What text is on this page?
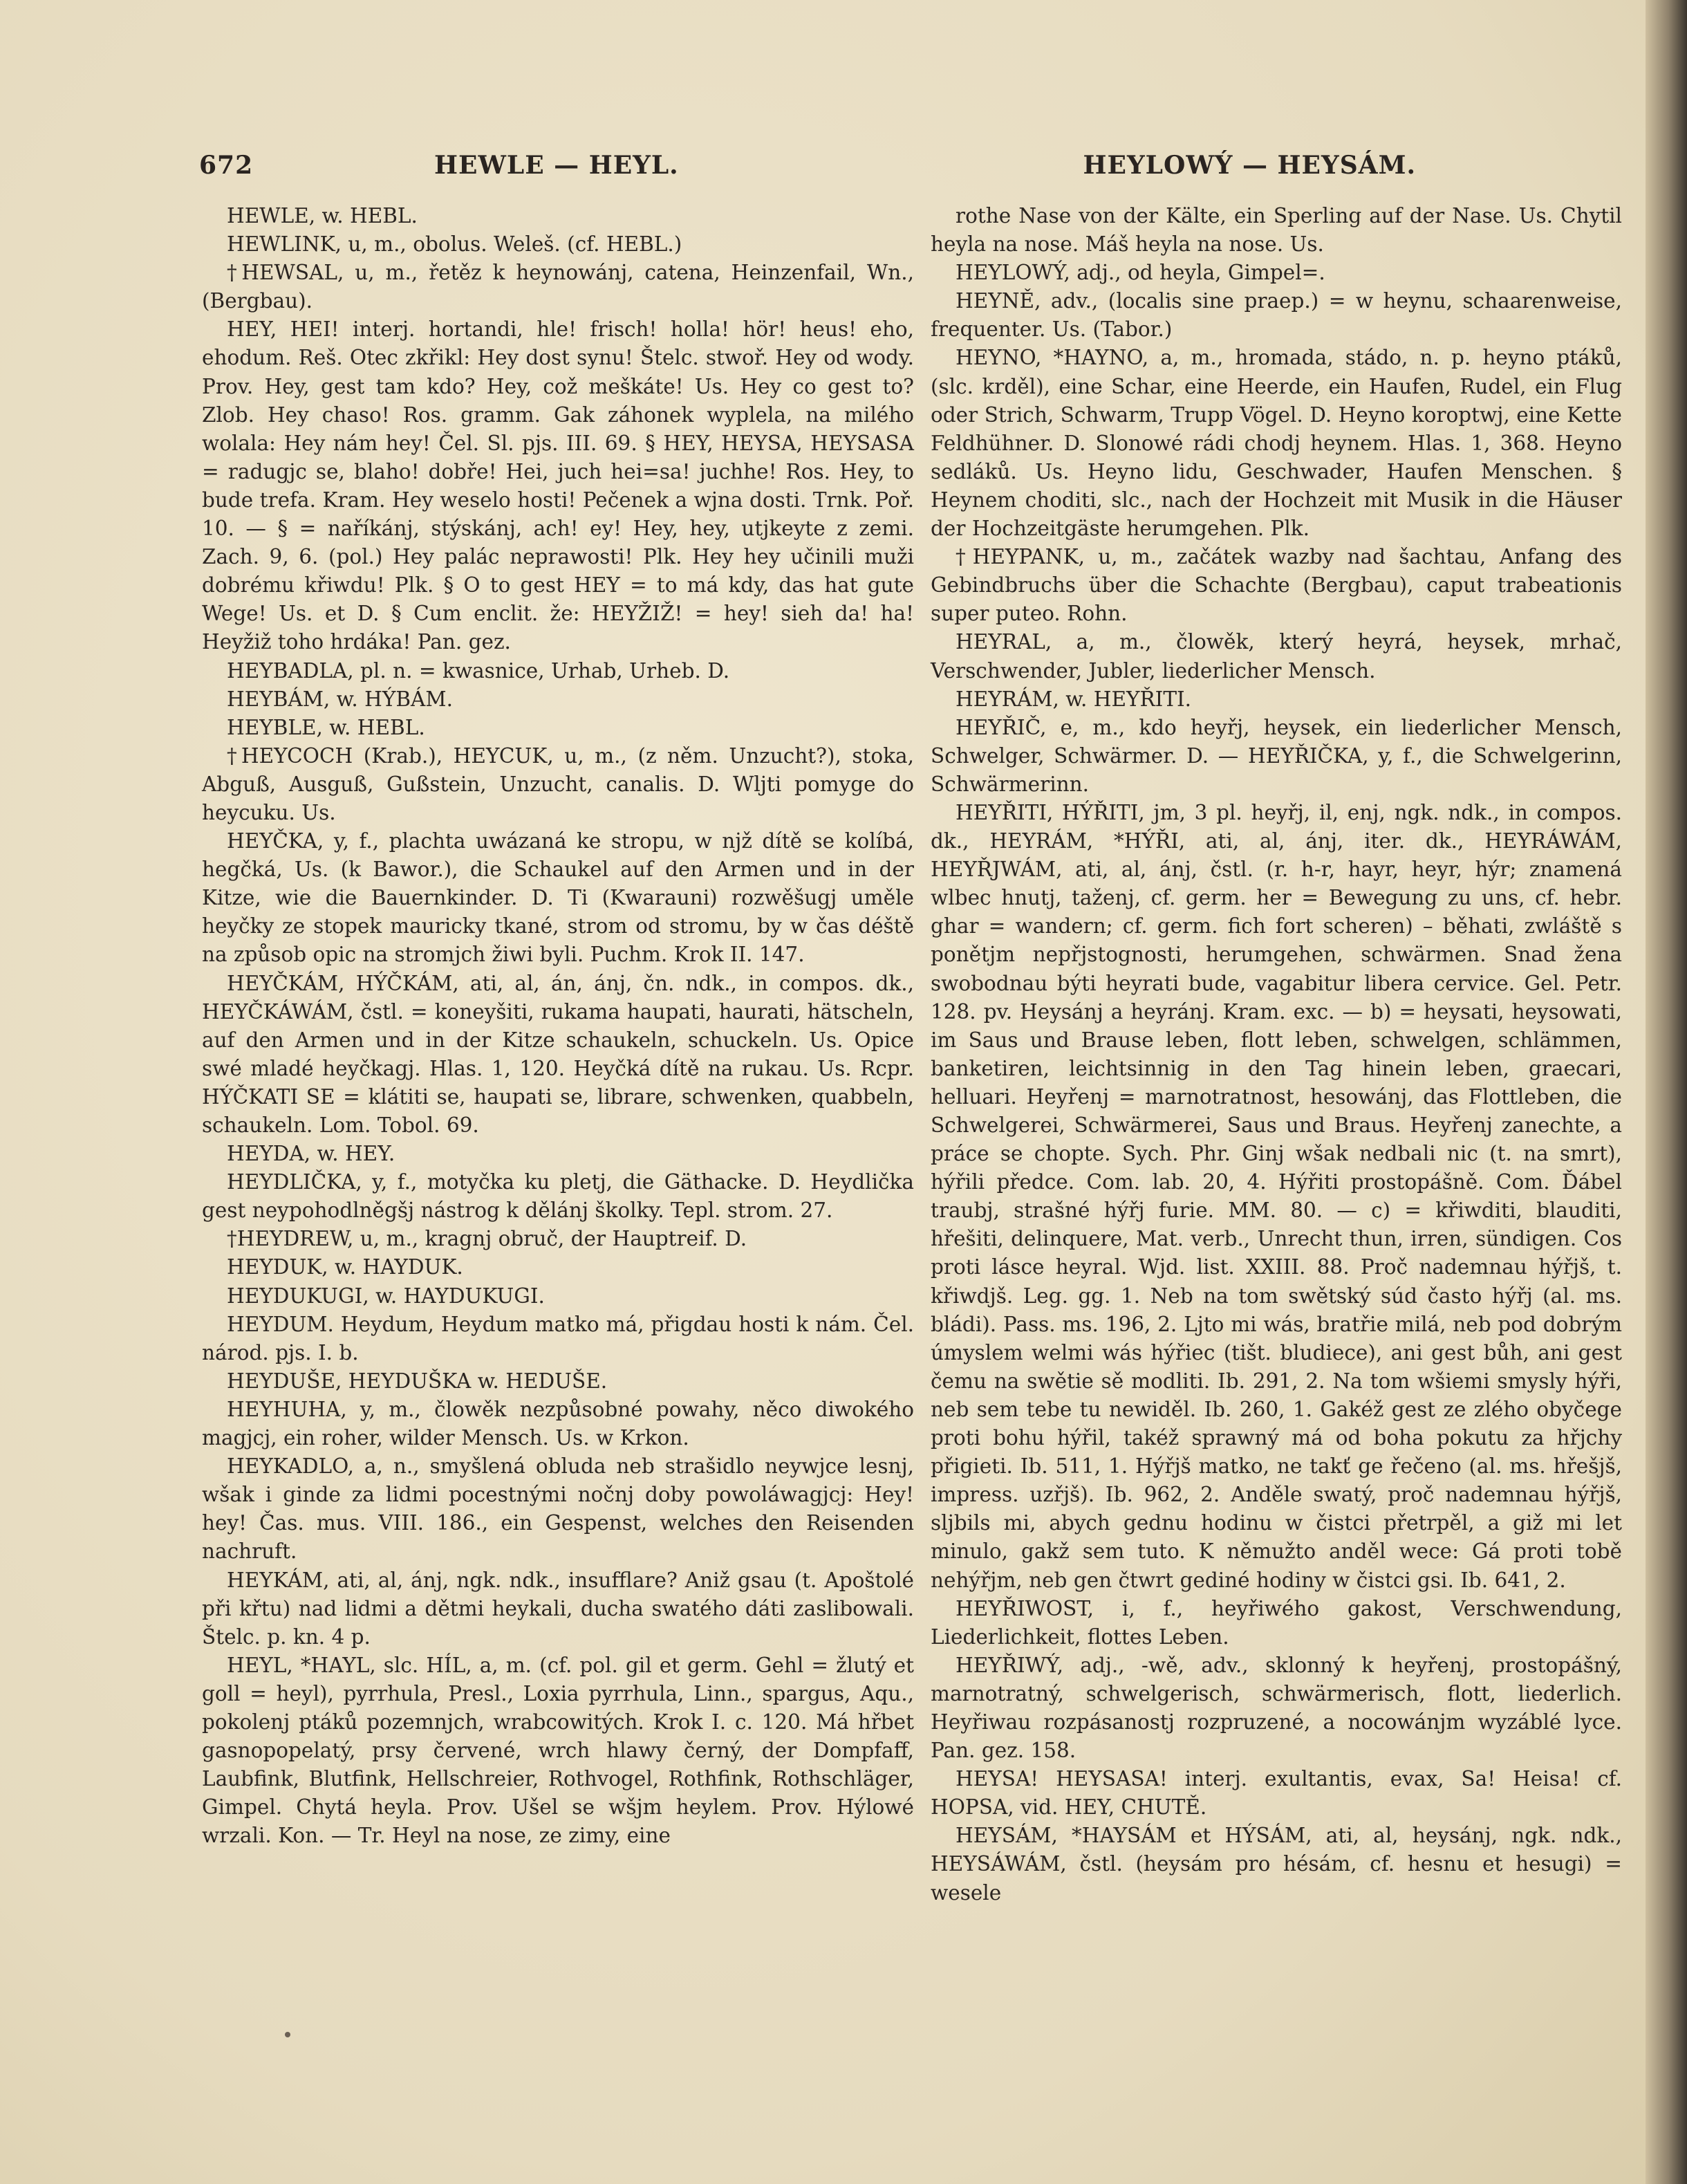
672	HEWLE — HEYL.	HEYLOWÝ — HEYSÁM.

HEWLE, w. HEBL.

HEWLINK, u, m., obolus. Weleš. (cf. HEBL.)

†HEWSAL, u, m., řetěz k heynowánj, catena, Heinzenfail, Wn., (Bergbau).

HEY, HEI! interj. hortandi, hle! frisch! holla! hör! heus! eho, ehodum. Reš. Otec zkřikl: Hey dost synu! Štelc. stwoř. Hey od wody. Prov. Hey, gest tam kdo? Hey, což meškáte! Us. Hey co gest to? Zlob. Hey chaso! Ros. gramm. Gak záhonek wyplela, na milého wolala: Hey nám hey! Čel. Sl. pjs. III. 69. § HEY, HEYSA, HEYSASA = radugjc se, blaho! dobře! Hei, juch hei=sa! juchhe! Ros. Hey, to bude trefa. Kram. Hey weselo hosti! Pečenek a wjna dosti. Trnk. Poř. 10. — § = naříkánj, stýskánj, ach! ey! Hey, hey, utjkeyte z zemi. Zach. 9, 6. (pol.) Hey palác neprawosti! Plk. Hey hey učinili muži dobrému křiwdu! Plk. § O to gest HEY = to má kdy, das hat gute Wege! Us. et D. § Cum enclit. že: HEYŽIŽ! = hey! sieh da! ha! Heyžiž toho hrdáka! Pan. gez.

HEYBADLA, pl. n. = kwasnice, Urhab, Urheb. D.

HEYBÁM, w. HÝBÁM.

HEYBLE, w. HEBL.

†HEYCOCH (Krab.), HEYCUK, u, m., (z něm. Unzucht?), stoka, Abguß, Ausguß, Gußstein, Unzucht, canalis. D. Wljti pomyge do heycuku. Us.

HEYČKA, y, f., plachta uwázaná ke stropu, w njž dítě se kolíbá, hegčká, Us. (k Bawor.), die Schaukel auf den Armen und in der Kitze, wie die Bauernkinder. D. Ti (Kwarauni) rozwěšugj uměle heyčky ze stopek mauricky tkané, strom od stromu, by w čas déště na způsob opic na stromjch žiwi byli. Puchm. Krok II. 147.

HEYČKÁM, HÝČKÁM, ati, al, án, ánj, čn. ndk., in compos. dk., HEYČKÁWÁM, čstl. = koneyšiti, rukama haupati, haurati, hätscheln, auf den Armen und in der Kitze schaukeln, schuckeln. Us. Opice swé mladé heyčkagj. Hlas. 1, 120. Heyčká dítě na rukau. Us. Rcpr. HÝČKATI SE = klátiti se, haupati se, librare, schwenken, quabbeln, schaukeln. Lom. Tobol. 69.

HEYDA, w. HEY.

HEYDLIČKA, y, f., motyčka ku pletj, die Gäthacke. D. Heydlička gest neypohodlněgšj nástrog k dělánj školky. Tepl. strom. 27.

†HEYDREW, u, m., kragnj obruč, der Hauptreif. D.

HEYDUK, w. HAYDUK.

HEYDUKUGI, w. HAYDUKUGI.

HEYDUM. Heydum, Heydum matko má, přigdau hosti k nám. Čel. národ. pjs. I. b.

HEYDUŠE, HEYDUŠKA w. HEDUŠE.

HEYHUHA, y, m., člowěk nezpůsobné powahy, něco diwokého magjcj, ein roher, wilder Mensch. Us. w Krkon.

HEYKADLO, a, n., smyšlená obluda neb strašidlo neywjce lesnj, wšak i ginde za lidmi pocestnými nočnj doby powoláwagjcj: Hey! hey! Čas. mus. VIII. 186., ein Gespenst, welches den Reisenden nachruft.

HEYKÁM, ati, al, ánj, ngk. ndk., insufflare? Aniž gsau (t. Apoštolé při křtu) nad lidmi a dětmi heykali, ducha swatého dáti zaslibowali. Štelc. p. kn. 4 p.

HEYL, *HAYL, slc. HÍL, a, m. (cf. pol. gil et germ. Gehl = žlutý et goll = heyl), pyrrhula, Presl., Loxia pyrrhula, Linn., spargus, Aqu., pokolenj ptáků pozemnjch, wrabcowitých. Krok I. c. 120. Má hřbet gasnopopelatý, prsy červené, wrch hlawy černý, der Dompfaff, Laubfink, Blutfink, Hellschreier, Rothvogel, Rothfink, Rothschläger, Gimpel. Chytá heyla. Prov. Ušel se wšjm heylem. Prov. Hýlowé wrzali. Kon. — Tr. Heyl na nose, ze zimy, eine

rothe Nase von der Kälte, ein Sperling auf der Nase. Us. Chytil heyla na nose. Máš heyla na nose. Us.

HEYLOWÝ, adj., od heyla, Gimpel=.

HEYNĚ, adv., (localis sine praep.) = w heynu, schaarenweise, frequenter. Us. (Tabor.)

HEYNO, *HAYNO, a, m., hromada, stádo, n. p. heyno ptáků, (slc. krděl), eine Schar, eine Heerde, ein Haufen, Rudel, ein Flug oder Strich, Schwarm, Trupp Vögel. D. Heyno koroptwj, eine Kette Feldhühner. D. Slonowé rádi chodj heynem. Hlas. 1, 368. Heyno sedláků. Us. Heyno lidu, Geschwader, Haufen Menschen. § Heynem choditi, slc., nach der Hochzeit mit Musik in die Häuser der Hochzeitgäste herumgehen. Plk.

†HEYPANK, u, m., začátek wazby nad šachtau, Anfang des Gebindbruchs über die Schachte (Bergbau), caput trabeationis super puteo. Rohn.

HEYRAL, a, m., člowěk, který heyrá, heysek, mrhač, Verschwender, Jubler, liederlicher Mensch.

HEYRÁM, w. HEYŘITI.

HEYŘIČ, e, m., kdo heyřj, heysek, ein liederlicher Mensch, Schwelger, Schwärmer. D. — HEYŘIČKA, y, f., die Schwelgerinn, Schwärmerinn.

HEYŘITI, HÝŘITI, jm, 3 pl. heyřj, il, enj, ngk. ndk., in compos. dk., HEYRÁM, *HÝŘI, ati, al, ánj, iter. dk., HEYRÁWÁM, HEYŘJWÁM, ati, al, ánj, čstl. (r. h-r, hayr, heyr, hýr; znamená wlbec hnutj, taženj, cf. germ. her = Bewegung zu uns, cf. hebr. ghar = wandern; cf. germ. fich fort scheren) – běhati, zwláště s ponětjm nepřjstognosti, herumgehen, schwärmen. Snad žena swobodnau býti heyrati bude, vagabitur libera cervice. Gel. Petr. 128. pv. Heysánj a heyránj. Kram. exc. — b) = heysati, heysowati, im Saus und Brause leben, flott leben, schwelgen, schlämmen, banketiren, leichtsinnig in den Tag hinein leben, graecari, helluari. Heyřenj = marnotratnost, hesowánj, das Flottleben, die Schwelgerei, Schwärmerei, Saus und Braus. Heyřenj zanechte, a práce se chopte. Sych. Phr. Ginj wšak nedbali nic (t. na smrt), hýřili předce. Com. lab. 20, 4. Hýřiti prostopášně. Com. Ďábel traubj, strašné hýřj furie. MM. 80. — c) = křiwditi, blauditi, hřešiti, delinquere, Mat. verb., Unrecht thun, irren, sündigen. Cos proti lásce heyral. Wjd. list. XXIII. 88. Proč nademnau hýřjš, t. křiwdjš. Leg. gg. 1. Neb na tom swětský súd často hýřj (al. ms. bládi). Pass. ms. 196, 2. Ljto mi wás, bratřie milá, neb pod dobrým úmyslem welmi wás hýřiec (tišt. bludiece), ani gest bůh, ani gest čemu na swětie sě modliti. Ib. 291, 2. Na tom wšiemi smysly hýři, neb sem tebe tu newiděl. Ib. 260, 1. Gakéž gest ze zlého obyčege proti bohu hýřil, takéž sprawný má od boha pokutu za hřjchy přigieti. Ib. 511, 1. Hýřjš matko, ne takť ge řečeno (al. ms. hřešjš, impress. uzřjš). Ib. 962, 2. Anděle swatý, proč nademnau hýřjš, sljbils mi, abych gednu hodinu w čistci přetrpěl, a giž mi let minulo, gakž sem tuto. K němužto anděl wece: Gá proti tobě nehýřjm, neb gen čtwrt gediné hodiny w čistci gsi. Ib. 641, 2.

HEYŘIWOST, i, f., heyřiwého gakost, Verschwendung, Liederlichkeit, flottes Leben.

HEYŘIWÝ, adj., -wě, adv., sklonný k heyřenj, prostopášný, marnotratný, schwelgerisch, schwärmerisch, flott, liederlich. Heyřiwau rozpásanostj rozpruzené, a nocowánjm wyzáblé lyce. Pan. gez. 158.

HEYSA! HEYSASA! interj. exultantis, evax, Sa! Heisa! cf. HOPSA, vid. HEY, CHUTĚ.

HEYSÁM, *HAYSÁM et HÝSÁM, ati, al, heysánj, ngk. ndk., HEYSÁWÁM, čstl. (heysám pro hésám, cf. hesnu et hesugi) = wesele
